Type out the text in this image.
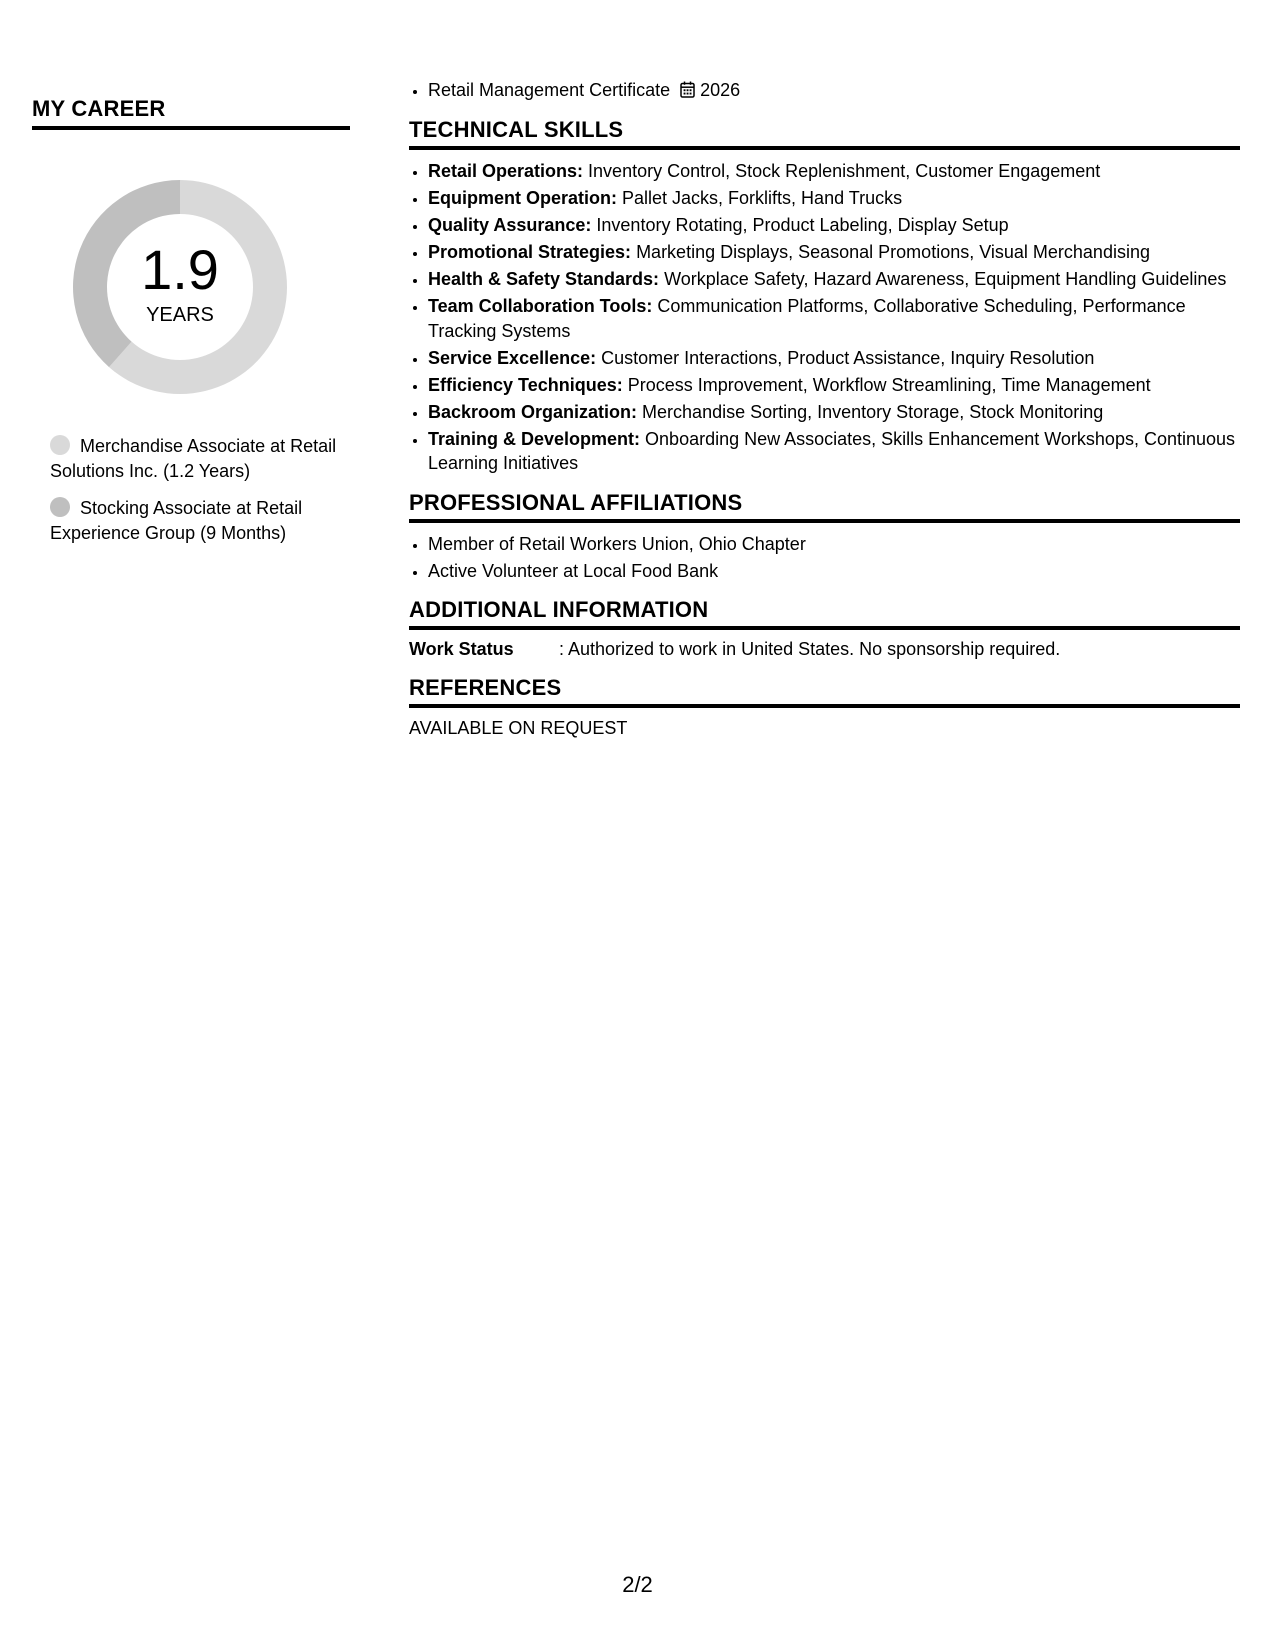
MY CAREER
1.9
YEARS
Merchandise Associate at Retail Solutions Inc. (1.2 Years)
Stocking Associate at Retail Experience Group (9 Months)
• Retail Management Certificate 2026
TECHNICAL SKILLS
• Retail Operations: Inventory Control, Stock Replenishment, Customer Engagement
• Equipment Operation: Pallet Jacks, Forklifts, Hand Trucks
• Quality Assurance: Inventory Rotating, Product Labeling, Display Setup
• Promotional Strategies: Marketing Displays, Seasonal Promotions, Visual Merchandising
• Health & Safety Standards: Workplace Safety, Hazard Awareness, Equipment Handling Guidelines
• Team Collaboration Tools: Communication Platforms, Collaborative Scheduling, Performance Tracking Systems
• Service Excellence: Customer Interactions, Product Assistance, Inquiry Resolution
• Efficiency Techniques: Process Improvement, Workflow Streamlining, Time Management
• Backroom Organization: Merchandise Sorting, Inventory Storage, Stock Monitoring
• Training & Development: Onboarding New Associates, Skills Enhancement Workshops, Continuous Learning Initiatives
PROFESSIONAL AFFILIATIONS
• Member of Retail Workers Union, Ohio Chapter
• Active Volunteer at Local Food Bank
ADDITIONAL INFORMATION
Work Status	: Authorized to work in United States. No sponsorship required.
REFERENCES
AVAILABLE ON REQUEST
2/2
